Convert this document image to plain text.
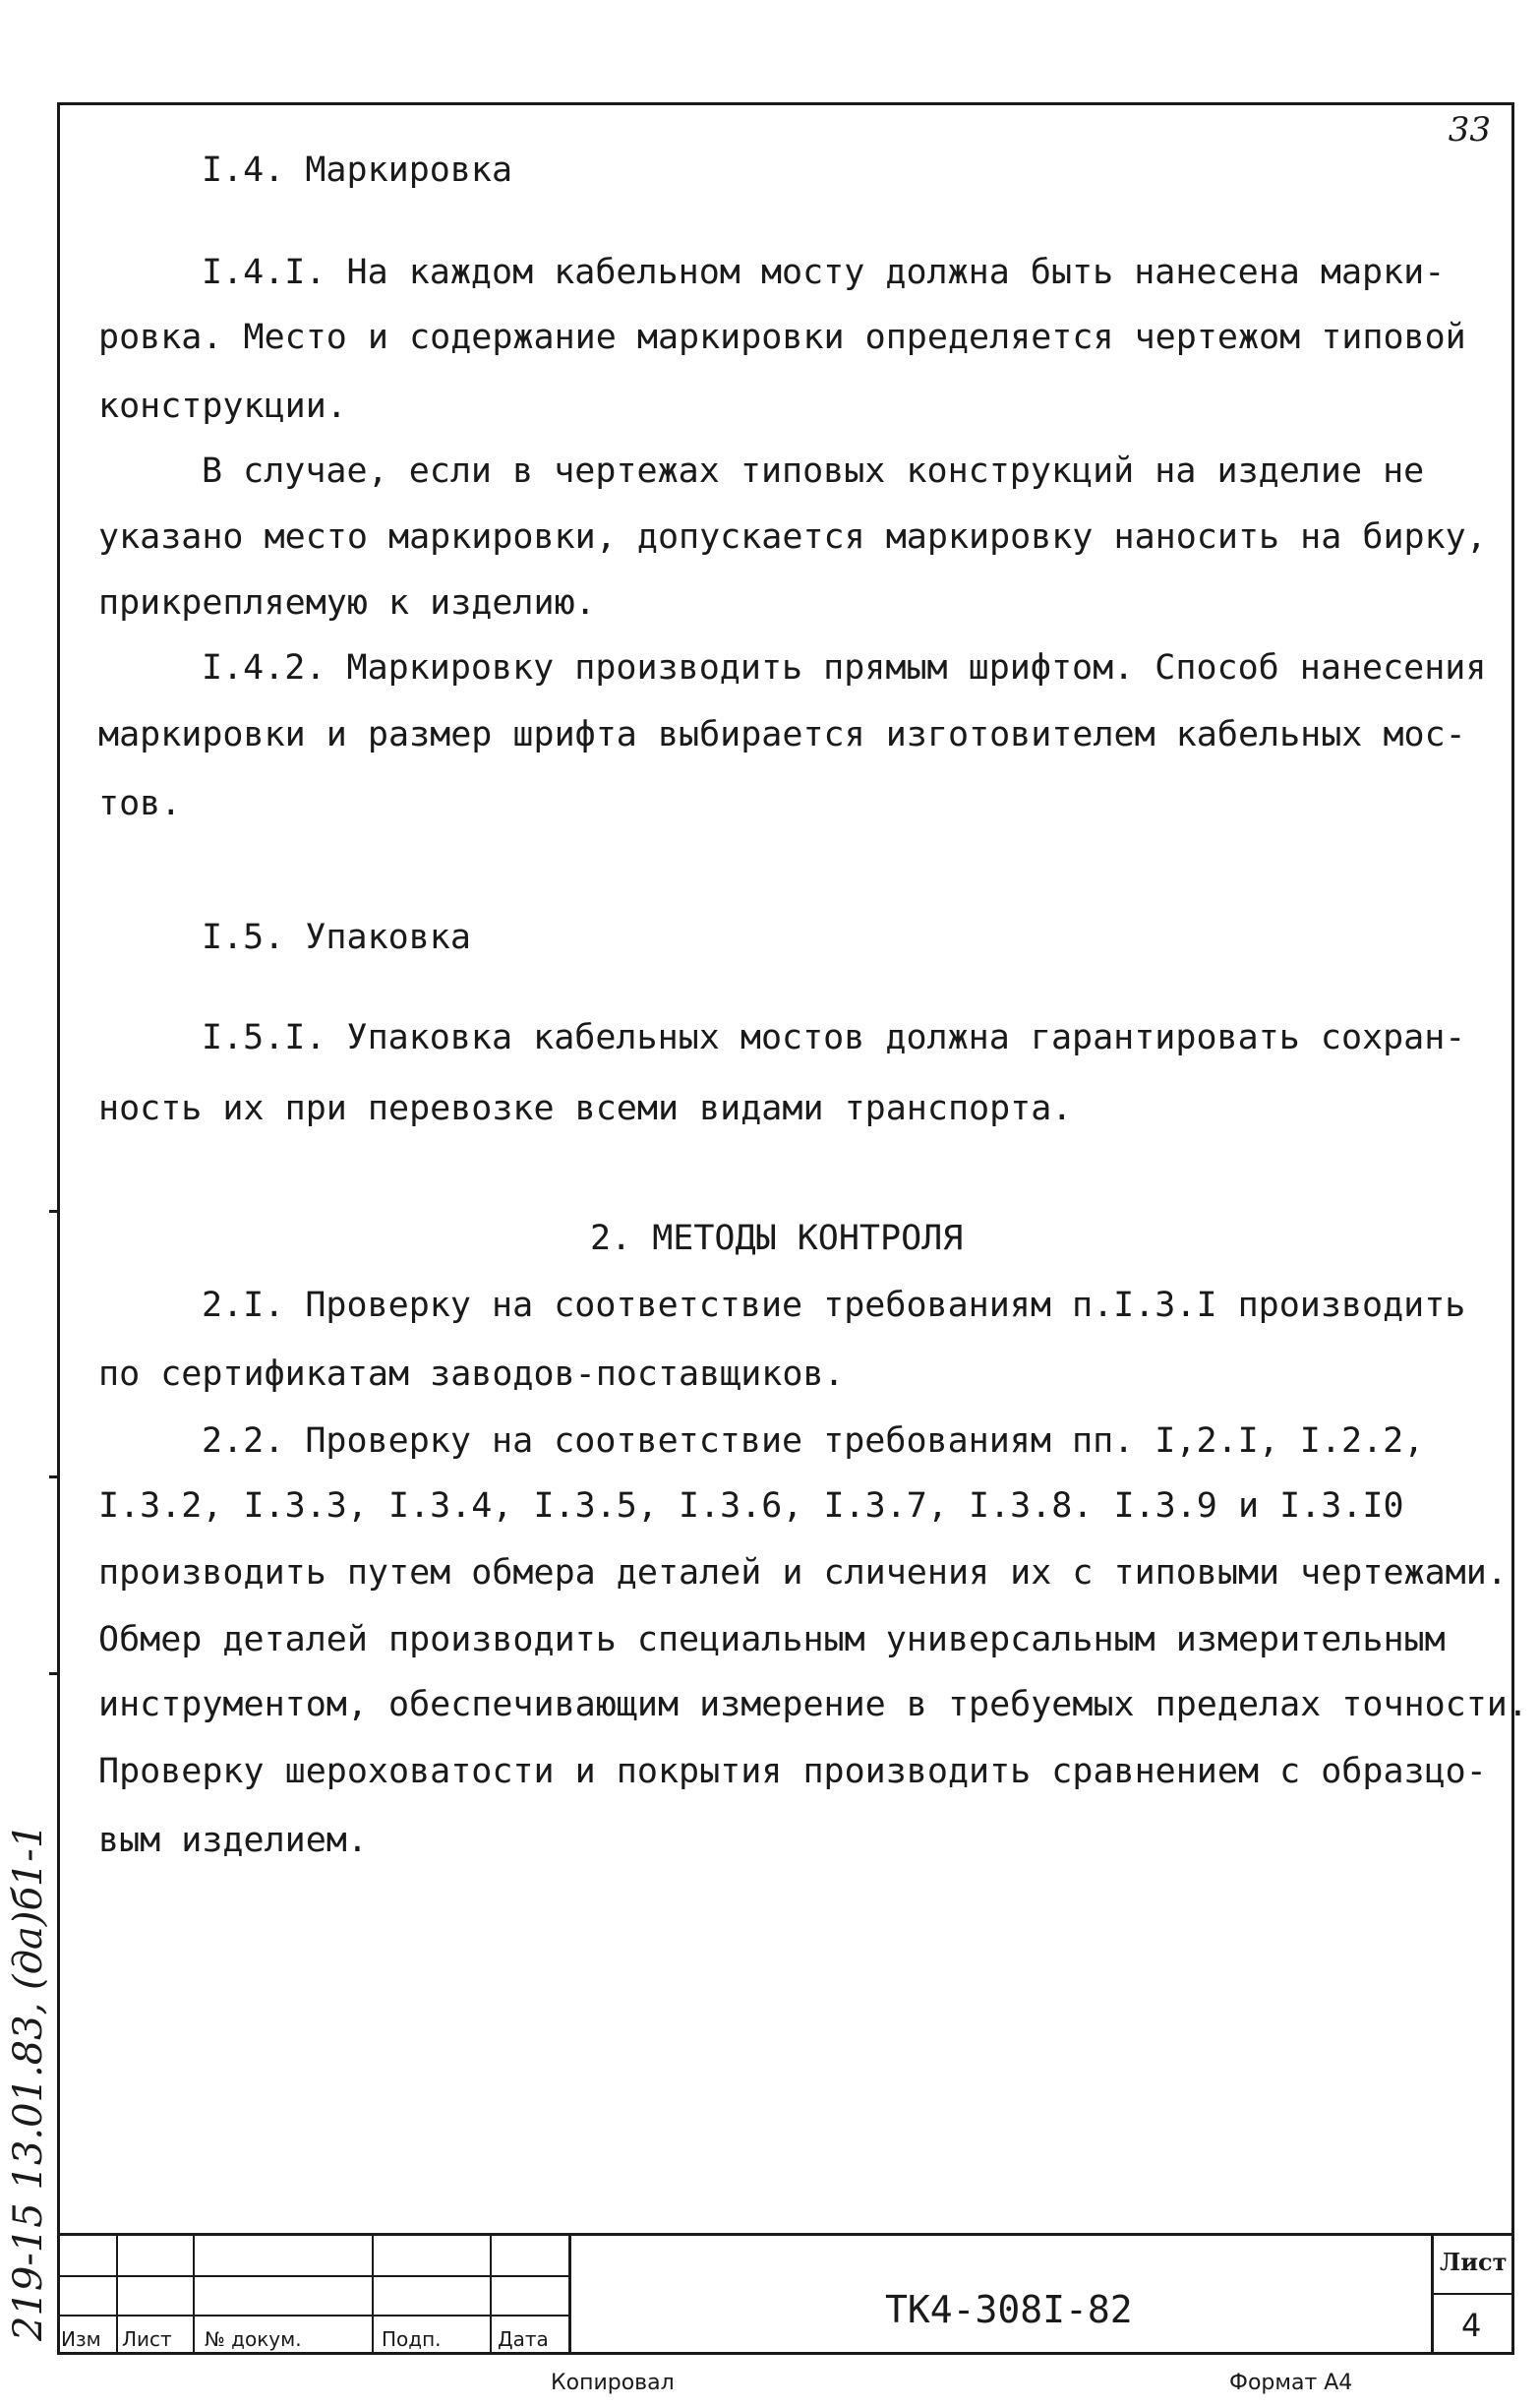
33
I.4. Маркировка
I.4.I. На каждом кабельном мосту должна быть нанесена марки-
ровка. Место и содержание маркировки определяется чертежом типовой
конструкции.
В случае, если в чертежах типовых конструкций на изделие не
указано место маркировки, допускается маркировку наносить на бирку,
прикрепляемую к изделию.
I.4.2. Маркировку производить прямым шрифтом. Способ нанесения
маркировки и размер шрифта выбирается изготовителем кабельных мос-
тов.
I.5. Упаковка
I.5.I. Упаковка кабельных мостов должна гарантировать сохран-
ность их при перевозке всеми видами транспорта.
2. МЕТОДЫ КОНТРОЛЯ
2.I. Проверку на соответствие требованиям п.I.3.I производить
по сертификатам заводов-поставщиков.
2.2. Проверку на соответствие требованиям пп. I,2.I, I.2.2,
I.3.2, I.3.3, I.3.4, I.3.5, I.3.6, I.3.7, I.3.8. I.3.9 и I.3.I0
производить путем обмера деталей и сличения их с типовыми чертежами.
Обмер деталей производить специальным универсальным измерительным
инструментом, обеспечивающим измерение в требуемых пределах точности.
Проверку шероховатости и покрытия производить сравнением с образцо-
вым изделием.
219-15 13.01.83, (да)б1-1 Изм Лист № докум.	Подп.	Дата
Лист
4
ТК4-308I-82
Копировал	Формат А4
